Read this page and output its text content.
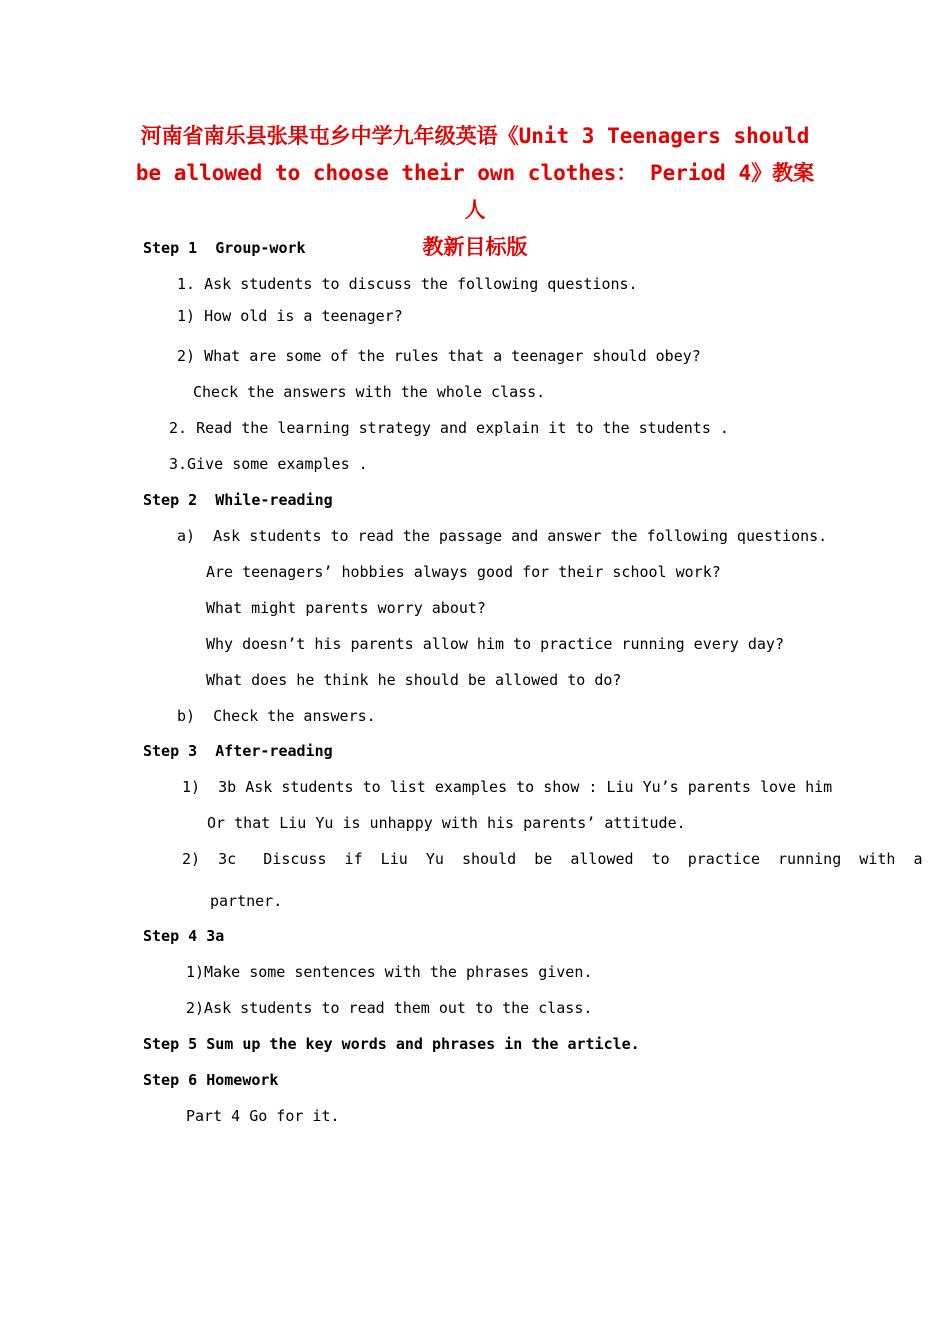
河南省南乐县张果屯乡中学九年级英语《Unit 3 Teenagers should
be allowed to choose their own clothes： Period 4》教案 人
教新目标版
Step 1  Group-work
1. Ask students to discuss the following questions.
1) How old is a teenager?
2) What are some of the rules that a teenager should obey?
Check the answers with the whole class.
2. Read the learning strategy and explain it to the students .
3.Give some examples .
Step 2  While-reading
a)  Ask students to read the passage and answer the following questions.
Are teenagers’ hobbies always good for their school work?
What might parents worry about?
Why doesn’t his parents allow him to practice running every day?
What does he think he should be allowed to do?
b)  Check the answers.
Step 3  After-reading
1)  3b Ask students to list examples to show : Liu Yu’s parents love him
Or that Liu Yu is unhappy with his parents’ attitude.
2)  3c   Discuss  if  Liu  Yu  should  be  allowed  to  practice  running  with  a
partner.
Step 4 3a
1)Make some sentences with the phrases given.
2)Ask students to read them out to the class.
Step 5 Sum up the key words and phrases in the article.
Step 6 Homework
Part 4 Go for it.
